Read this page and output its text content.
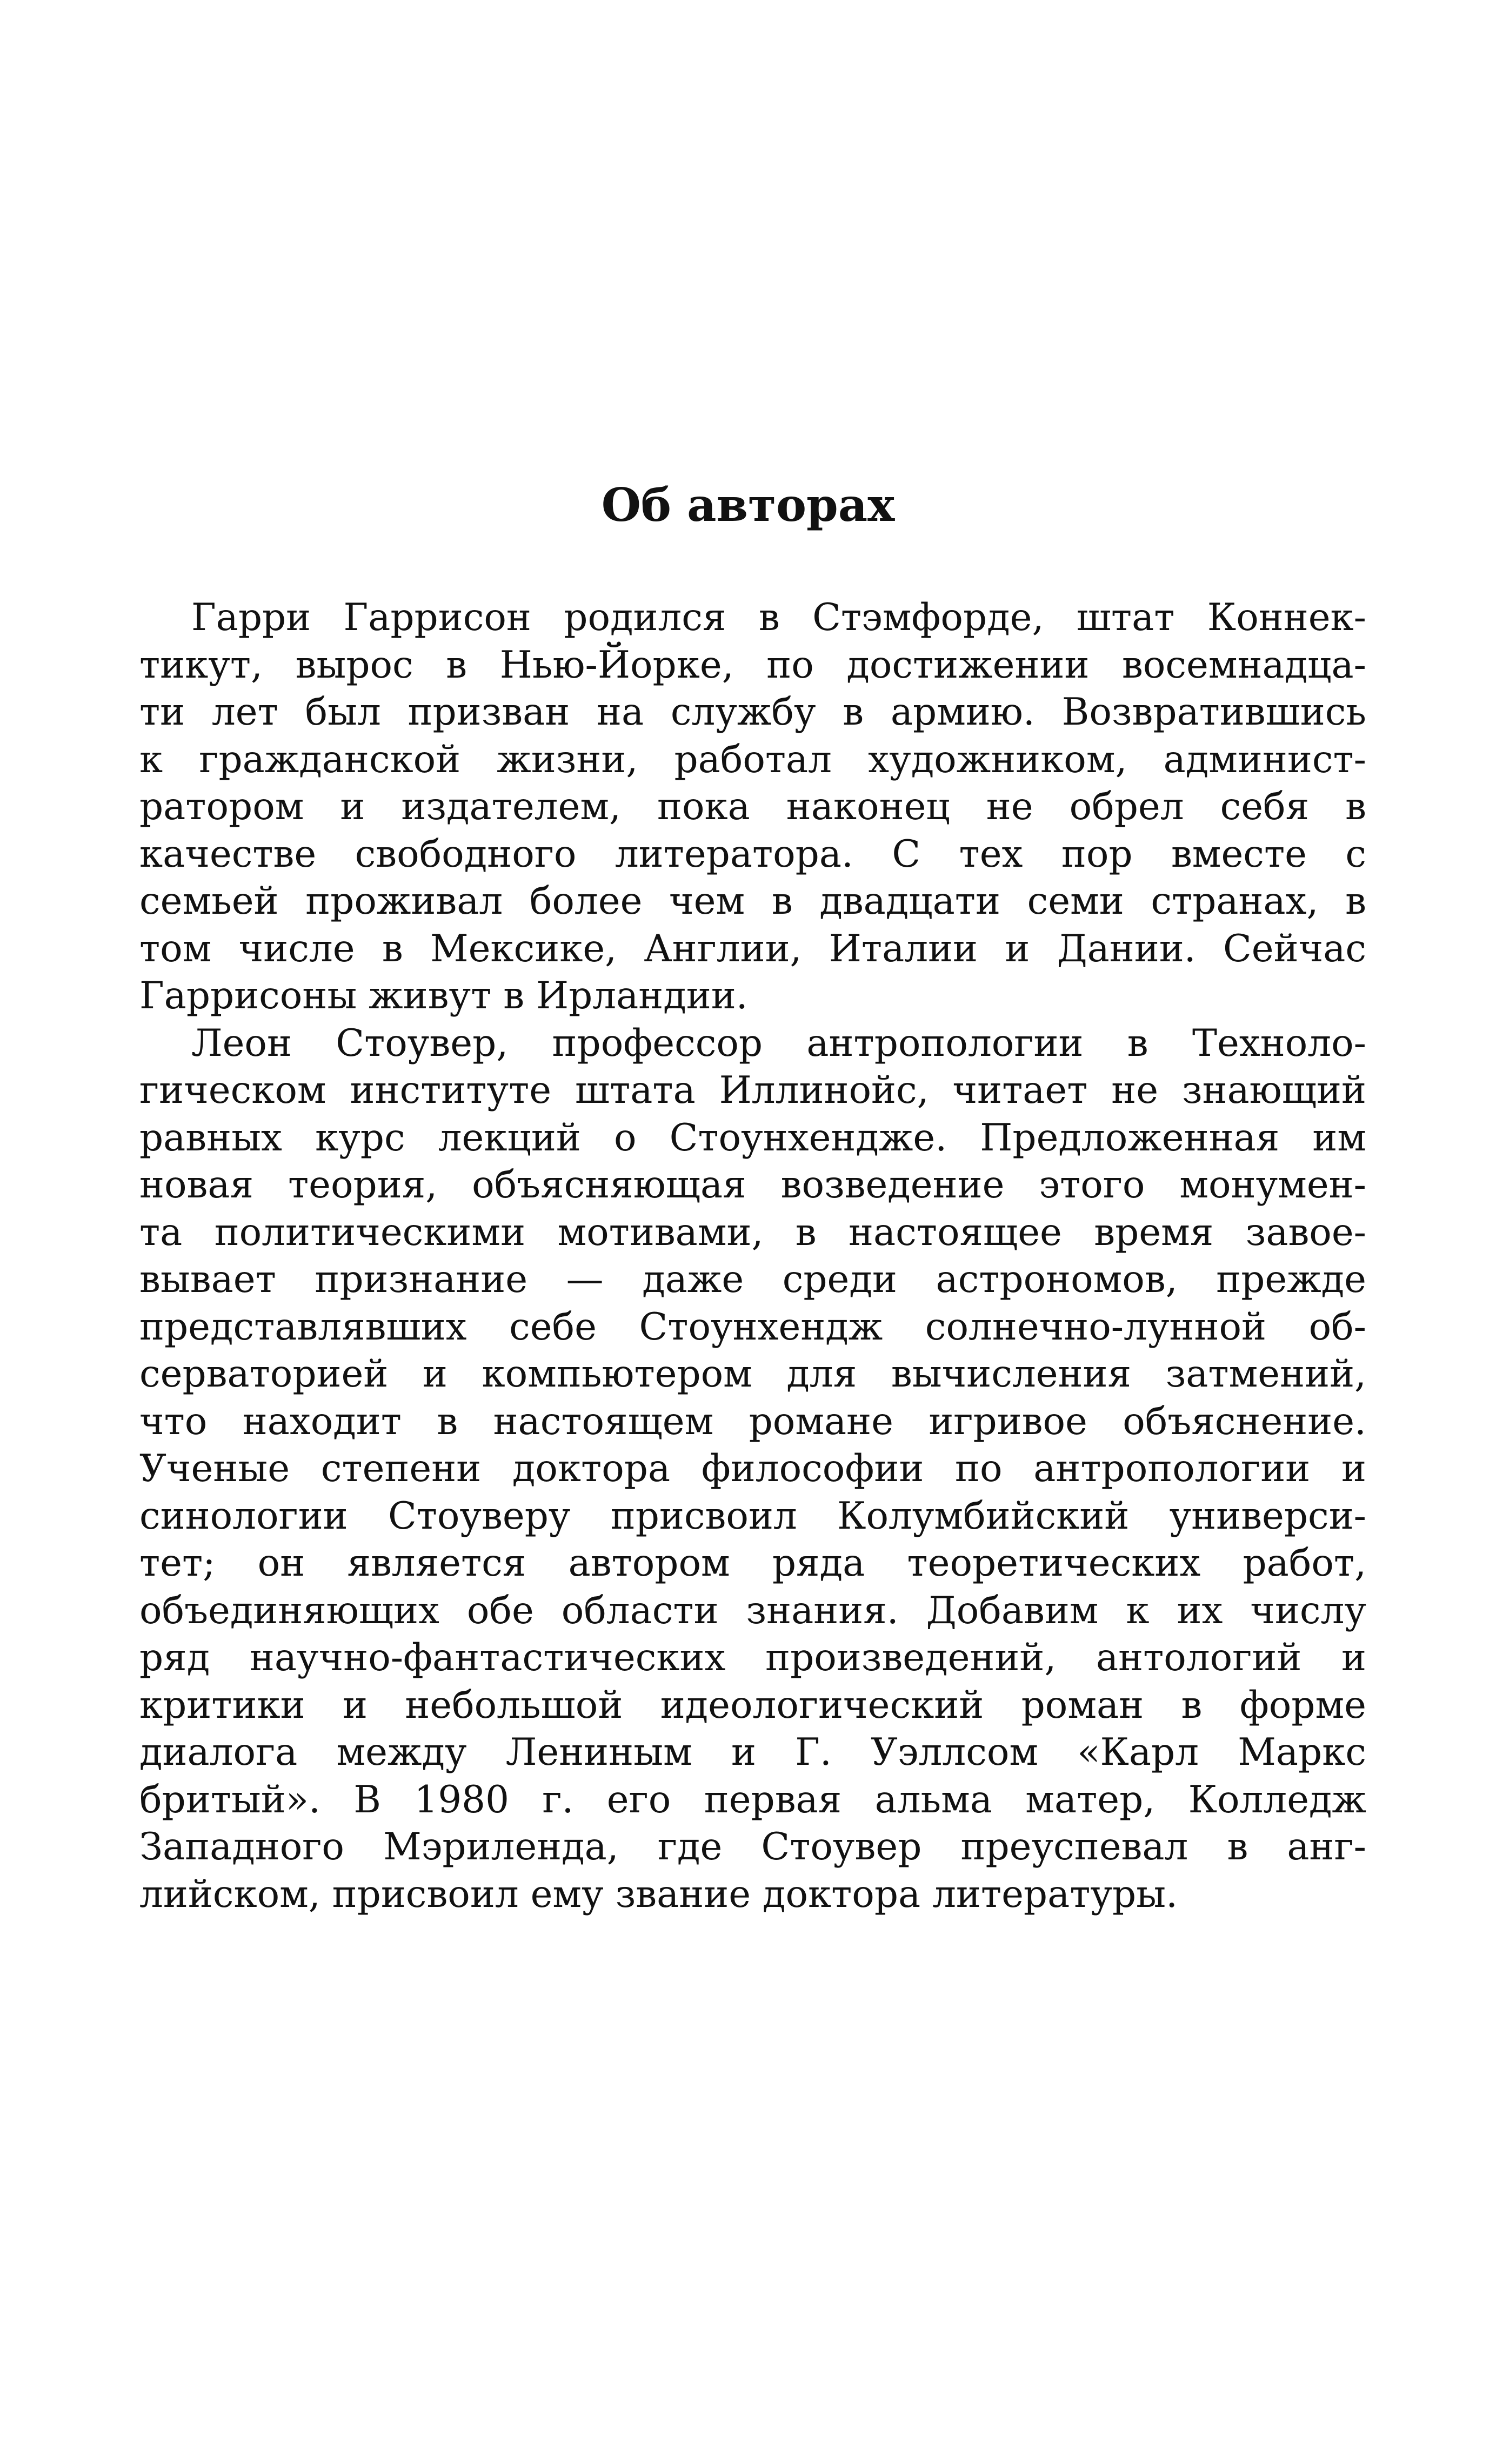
Об авторах
Гарри Гаррисон родился в Стэмфорде, штат Коннек-
тикут, вырос в Нью-Йорке, по достижении восемнадца-
ти лет был призван на службу в армию. Возвратившись
к гражданской жизни, работал художником, админист-
ратором и издателем, пока наконец не обрел себя в
качестве свободного литератора. С тех пор вместе с
семьей проживал более чем в двадцати семи странах, в
том числе в Мексике, Англии, Италии и Дании. Сейчас
Гаррисоны живут в Ирландии.
Леон Стоувер, профессор антропологии в Техноло-
гическом институте штата Иллинойс, читает не знающий
равных курс лекций о Стоунхендже. Предложенная им
новая теория, объясняющая возведение этого монумен-
та политическими мотивами, в настоящее время завое-
вывает признание — даже среди астрономов, прежде
представлявших себе Стоунхендж солнечно-лунной об-
серваторией и компьютером для вычисления затмений,
что находит в настоящем романе игривое объяснение.
Ученые степени доктора философии по антропологии и
синологии Стоуверу присвоил Колумбийский универси-
тет; он является автором ряда теоретических работ,
объединяющих обе области знания. Добавим к их числу
ряд научно-фантастических произведений, антологий и
критики и небольшой идеологический роман в форме
диалога между Лениным и Г. Уэллсом «Карл Маркс
бритый». В 1980 г. его первая альма матер, Колледж
Западного Мэриленда, где Стоувер преуспевал в анг-
лийском, присвоил ему звание доктора литературы.
